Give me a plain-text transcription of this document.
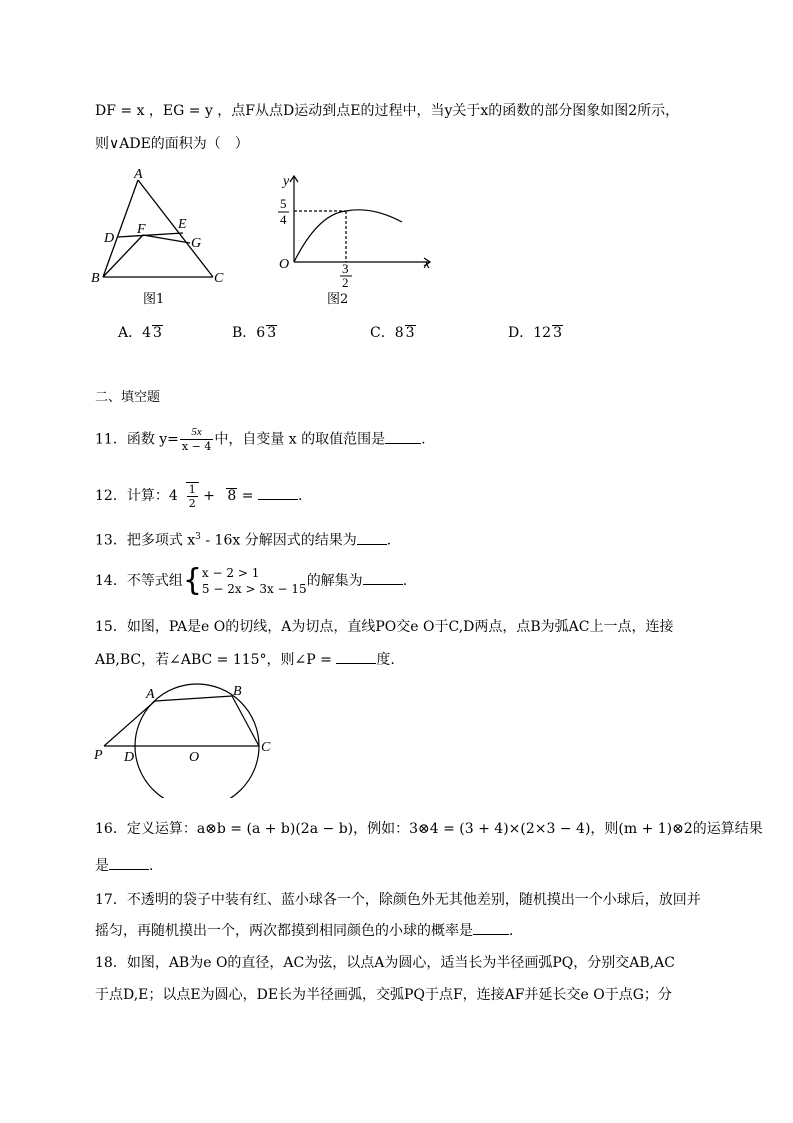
DF = x ，EG = y ，点F从点D运动到点E的过程中，当y关于x的函数的部分图象如图2所示，
则∨ADE的面积为（　）
A
D
F E
G
B	C
图1
y
x
O
5
4
3
2
图2
A．4 3	B．6 3	C．8 3	D．12 3
二、填空题
11．函数 $y= \frac{5x}{x - 4}$ 中，自变量 x 的取值范围是	.
12．计算：$4 \frac{1}{2} + 8$ =	.
13．把多项式 $x^3 - 16x$ 分解因式的结果为 .
14．不等式组{ x − 2 > 1
5 − 2x > 3x − 15 的解集为	.
15．如图，PA是e O的切线，A为切点，直线PO交e O于C,D两点，点B为弧AC上一点，连接
AB,BC，若∠ABC = 115°，则∠P =	度.
A	B
P D	O
C
16．定义运算：a⊗b = (a + b)(2a − b)，例如：3⊗4 = (3 + 4)×(2×3 − 4)，则(m + 1)⊗2的运算结果
是	.
17．不透明的袋子中装有红、蓝小球各一个，除颜色外无其他差别，随机摸出一个小球后，放回并
摇匀，再随机摸出一个，两次都摸到相同颜色的小球的概率是	.
18．如图，AB为e O的直径，AC为弦，以点A为圆心，适当长为半径画弧PQ，分别交AB,AC
于点D,E；以点E为圆心，DE长为半径画弧，交弧PQ于点F，连接AF并延长交e O于点G；分
